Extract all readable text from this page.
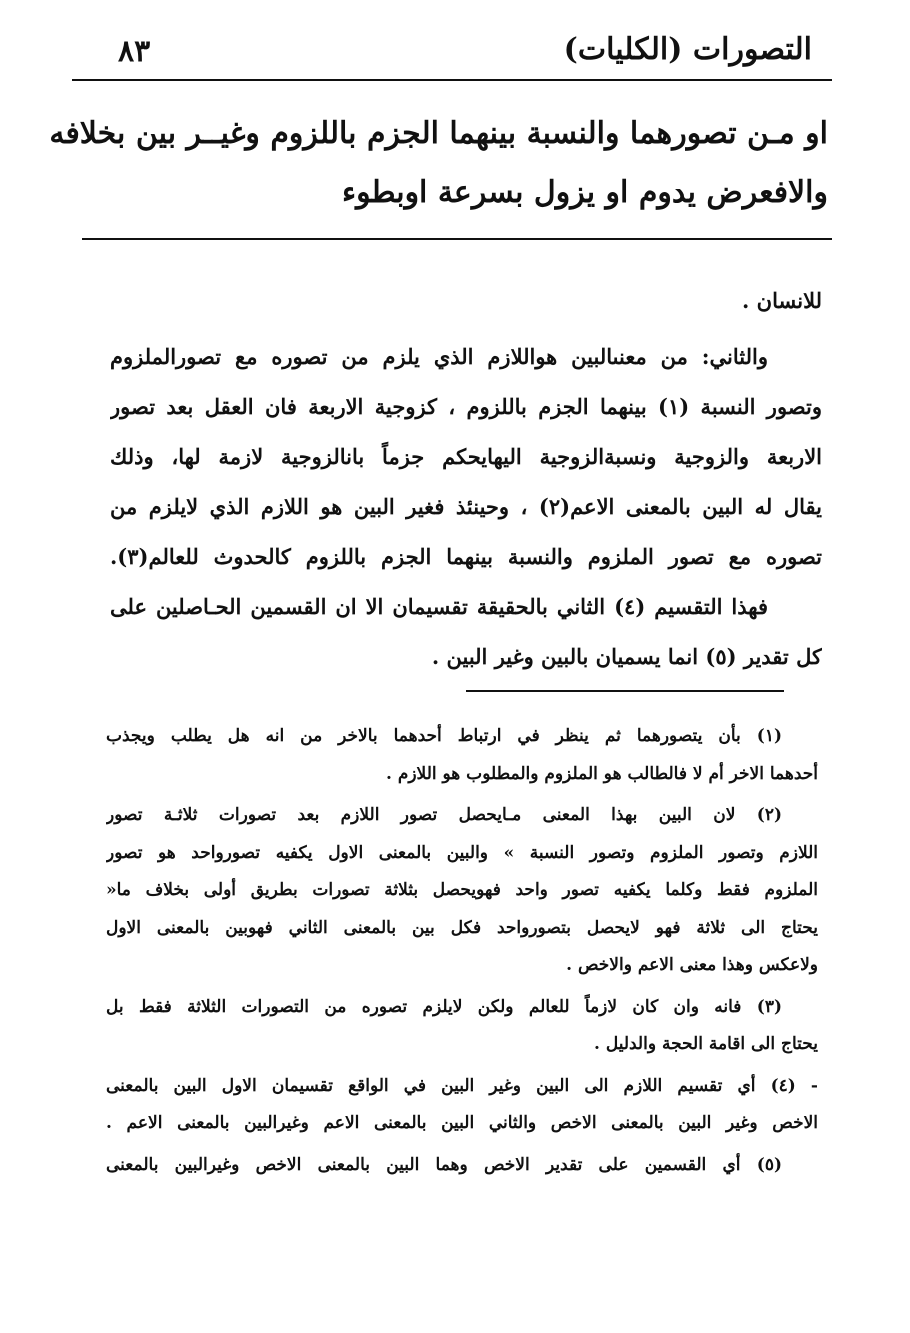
التصورات (الكليات)
٨٣
او مـن تصورهما والنسبة بينهما الجزم باللزوم وغيــر بين بخلافه
والافعرض يدوم او يزول بسرعة اوبطوء
للانسان .
والثاني: من معنىالبين هواللازم الذي يلزم من تصوره مع تصورالملزوم
وتصور النسبة (١) بينهما الجزم باللزوم ، كزوجية الاربعة فان العقل بعد تصور
الاربعة والزوجية ونسبةالزوجية اليهايحكم جزماً بانالزوجية لازمة لها، وذلك
يقال له البين بالمعنى الاعم(٢) ، وحينئذ فغير البين هو اللازم الذي لايلزم من
تصوره مع تصور الملزوم والنسبة بينهما الجزم باللزوم كالحدوث للعالم(٣).
فهذا التقسيم (٤) الثاني بالحقيقة تقسيمان الا ان القسمين الحـاصلين على
كل تقدير (٥) انما يسميان بالبين وغير البين .
(١) بأن يتصورهما ثم ينظر في ارتباط أحدهما بالاخر من انه هل يطلب ويجذب
أحدهما الاخر أم لا فالطالب هو الملزوم والمطلوب هو اللازم .
(٢) لان البين بهذا المعنى مـايحصل تصور اللازم بعد تصورات ثلاثـة تصور
اللازم وتصور الملزوم وتصور النسبة » والبين بالمعنى الاول يكفيه تصورواحد هو تصور
الملزوم فقط وكلما يكفيه تصور واحد فهويحصل بثلاثة تصورات بطريق أولى بخلاف ما«
يحتاج الى ثلاثة فهو لايحصل بتصورواحد فكل بين بالمعنى الثاني فهوبين بالمعنى الاول
ولاعكس وهذا معنى الاعم والاخص .
(٣) فانه وان كان لازماً للعالم ولكن لايلزم تصوره من التصورات الثلاثة فقط بل
يحتاج الى اقامة الحجة والدليل .
- (٤) أي تقسيم اللازم الى البين وغير البين في الواقع تقسيمان الاول البين بالمعنى
الاخص وغير البين بالمعنى الاخص والثاني البين بالمعنى الاعم وغيرالبين بالمعنى الاعم .
(٥) أي القسمين على تقدير الاخص وهما البين بالمعنى الاخص وغيرالبين بالمعنى
